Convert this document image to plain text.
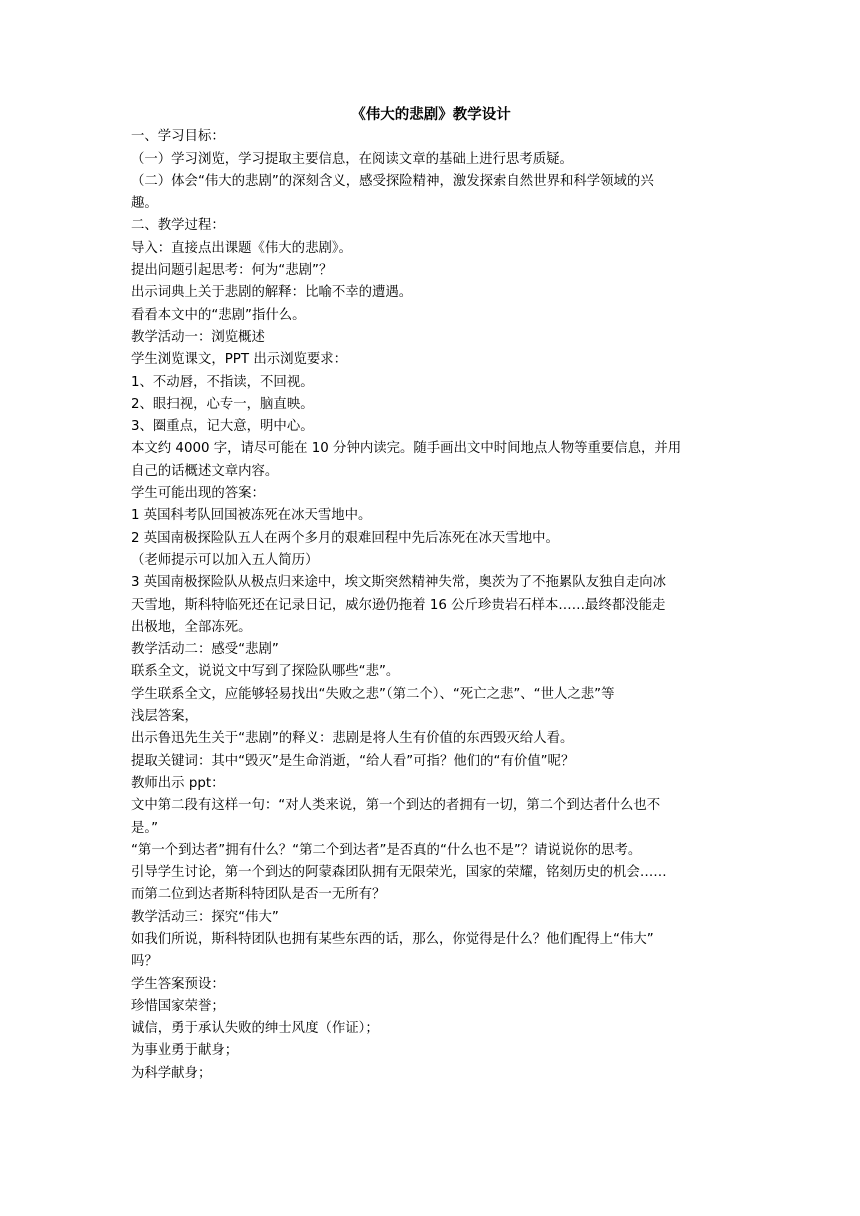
《伟大的悲剧》教学设计

一、学习目标：

（一）学习浏览，学习提取主要信息，在阅读文章的基础上进行思考质疑。

（二）体会“伟大的悲剧”的深刻含义，感受探险精神，激发探索自然世界和科学领域的兴

趣。

二、教学过程：

导入：直接点出课题《伟大的悲剧》。

提出问题引起思考：何为“悲剧”？

出示词典上关于悲剧的解释：比喻不幸的遭遇。

看看本文中的“悲剧”指什么。

教学活动一：浏览概述

学生浏览课文，PPT 出示浏览要求：

1、不动唇，不指读，不回视。

2、眼扫视，心专一，脑直映。

3、圈重点，记大意，明中心。

本文约 4000 字，请尽可能在 10 分钟内读完。随手画出文中时间地点人物等重要信息，并用

自己的话概述文章内容。

学生可能出现的答案：

1 英国科考队回国被冻死在冰天雪地中。

2 英国南极探险队五人在两个多月的艰难回程中先后冻死在冰天雪地中。

（老师提示可以加入五人简历）

3 英国南极探险队从极点归来途中，埃文斯突然精神失常，奥茨为了不拖累队友独自走向冰

天雪地，斯科特临死还在记录日记，威尔逊仍拖着 16 公斤珍贵岩石样本……最终都没能走

出极地，全部冻死。

教学活动二：感受“悲剧”

联系全文，说说文中写到了探险队哪些“悲”。

学生联系全文，应能够轻易找出“失败之悲”（第二个）、“死亡之悲”、“世人之悲”等

浅层答案，

出示鲁迅先生关于“悲剧”的释义：悲剧是将人生有价值的东西毁灭给人看。

提取关键词：其中“毁灭”是生命消逝，“给人看”可指？他们的“有价值”呢？

教师出示 ppt：

文中第二段有这样一句：“对人类来说，第一个到达的者拥有一切，第二个到达者什么也不

是。”

“第一个到达者”拥有什么？“第二个到达者”是否真的“什么也不是”？请说说你的思考。

引导学生讨论，第一个到达的阿蒙森团队拥有无限荣光，国家的荣耀，铭刻历史的机会……

而第二位到达者斯科特团队是否一无所有？

教学活动三：探究“伟大”

如我们所说，斯科特团队也拥有某些东西的话，那么，你觉得是什么？他们配得上“伟大”

吗？

学生答案预设：

珍惜国家荣誉；

诚信，勇于承认失败的绅士风度（作证）；

为事业勇于献身；

为科学献身；
